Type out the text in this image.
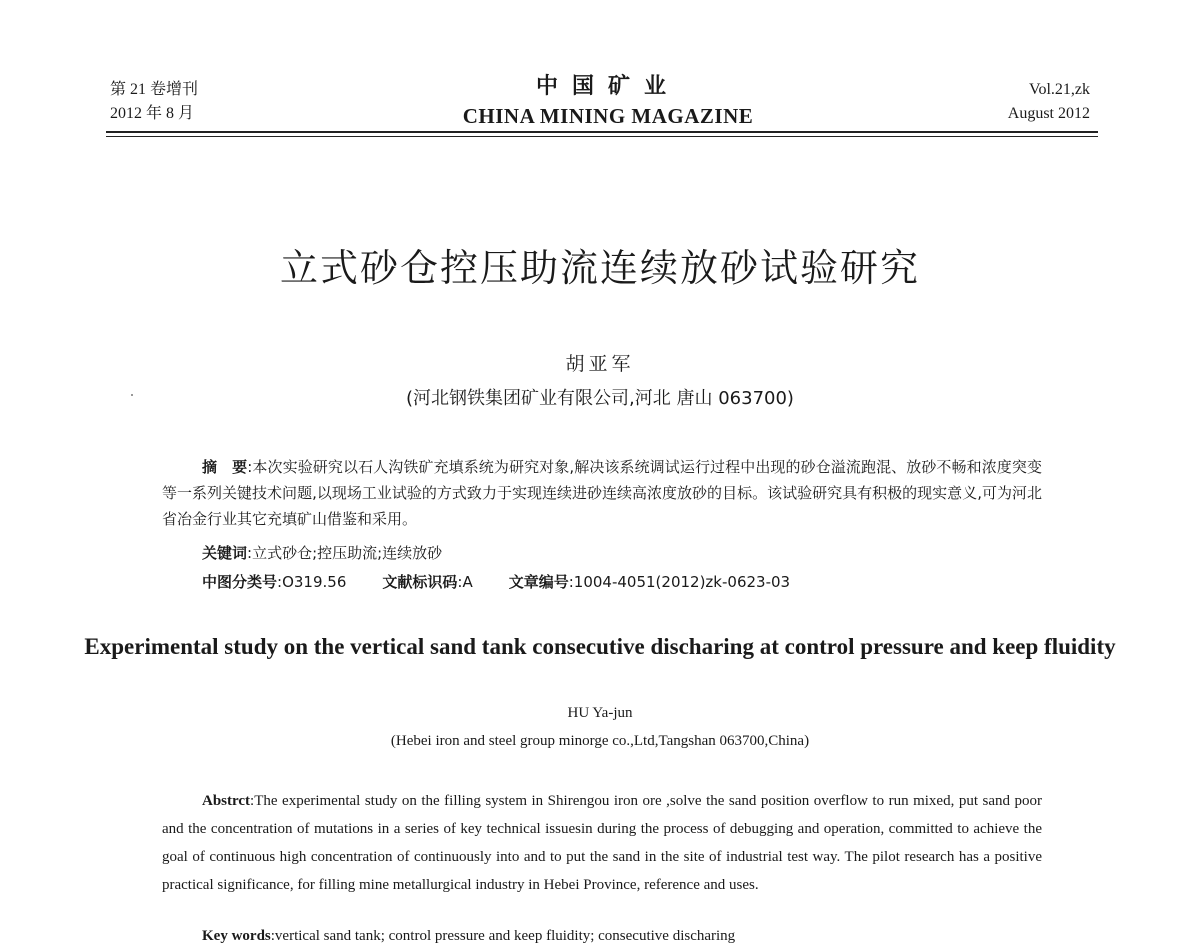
第 21 卷增刊
2012 年 8 月
中国矿业
CHINA MINING MAGAZINE
Vol.21,zk
August 2012
立式砂仓控压助流连续放砂试验研究
胡亚军
(河北钢铁集团矿业有限公司,河北 唐山 063700)
摘　要:本次实验研究以石人沟铁矿充填系统为研究对象,解决该系统调试运行过程中出现的砂仓溢流跑混、放砂不畅和浓度突变等一系列关键技术问题,以现场工业试验的方式致力于实现连续进砂连续高浓度放砂的目标。该试验研究具有积极的现实意义,可为河北省冶金行业其它充填矿山借鉴和采用。
关键词:立式砂仓;控压助流;连续放砂
中图分类号:O319.56 文献标识码:A 文章编号:1004-4051(2012)zk-0623-03
Experimental study on the vertical sand tank consecutive discharing at control pressure and keep fluidity
HU Ya-jun
(Hebei iron and steel group minorge co.,Ltd,Tangshan 063700,China)
Abstrct:The experimental study on the filling system in Shirengou iron ore ,solve the sand position overflow to run mixed, put sand poor and the concentration of mutations in a series of key technical issuesin during the process of debugging and operation, committed to achieve the goal of continuous high concentration of continuously into and to put the sand in the site of industrial test way. The pilot research has a positive practical significance, for filling mine metallurgical industry in Hebei Province, reference and uses.
Key words:vertical sand tank; control pressure and keep fluidity; consecutive discharing
